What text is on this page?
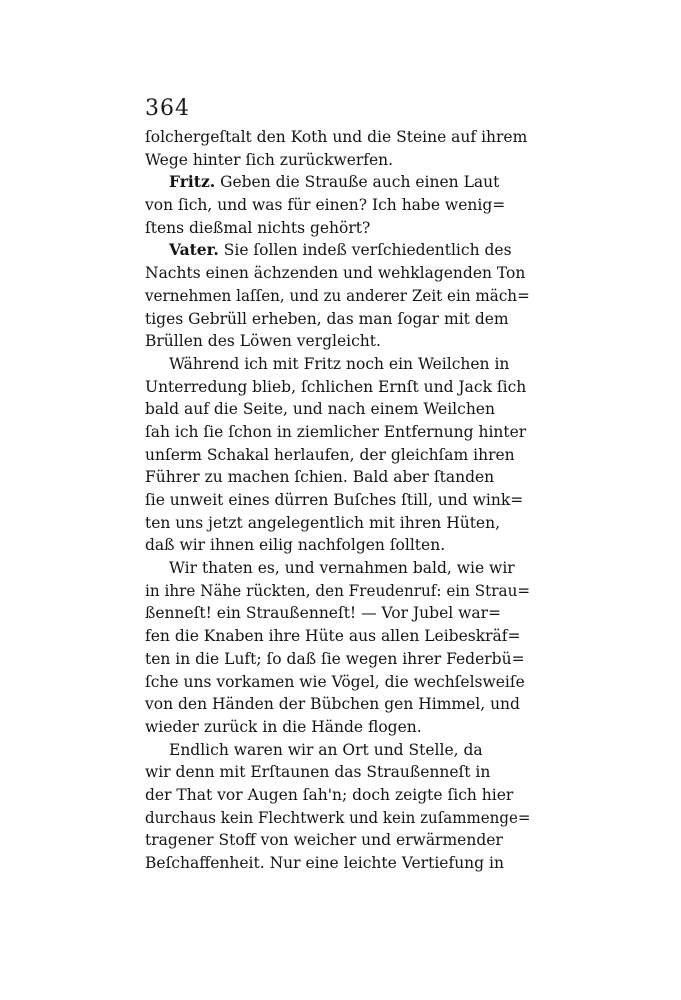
364
ſolchergeſtalt den Koth und die Steine auf ihrem
Wege hinter ſich zurückwerfen.
Fritz. Geben die Strauße auch einen Laut
von ſich, und was für einen? Ich habe wenig=
ſtens dießmal nichts gehört?
Vater. Sie ſollen indeß verſchiedentlich des
Nachts einen ächzenden und wehklagenden Ton
vernehmen laſſen, und zu anderer Zeit ein mäch=
tiges Gebrüll erheben, das man ſogar mit dem
Brüllen des Löwen vergleicht.
Während ich mit Fritz noch ein Weilchen in
Unterredung blieb, ſchlichen Ernſt und Jack ſich
bald auf die Seite, und nach einem Weilchen
ſah ich ſie ſchon in ziemlicher Entfernung hinter
unſerm Schakal herlaufen, der gleichſam ihren
Führer zu machen ſchien. Bald aber ſtanden
ſie unweit eines dürren Buſches ſtill, und wink=
ten uns jetzt angelegentlich mit ihren Hüten,
daß wir ihnen eilig nachfolgen ſollten.
Wir thaten es, und vernahmen bald, wie wir
in ihre Nähe rückten, den Freudenruf: ein Strau=
ßenneſt! ein Straußenneſt! — Vor Jubel war=
fen die Knaben ihre Hüte aus allen Leibeskräf=
ten in die Luft; ſo daß ſie wegen ihrer Federbü=
ſche uns vorkamen wie Vögel, die wechſelsweiſe
von den Händen der Bübchen gen Himmel, und
wieder zurück in die Hände flogen.
Endlich waren wir an Ort und Stelle, da
wir denn mit Erſtaunen das Straußenneſt in
der That vor Augen ſah'n; doch zeigte ſich hier
durchaus kein Flechtwerk und kein zuſammenge=
tragener Stoff von weicher und erwärmender
Beſchaffenheit. Nur eine leichte Vertiefung in
